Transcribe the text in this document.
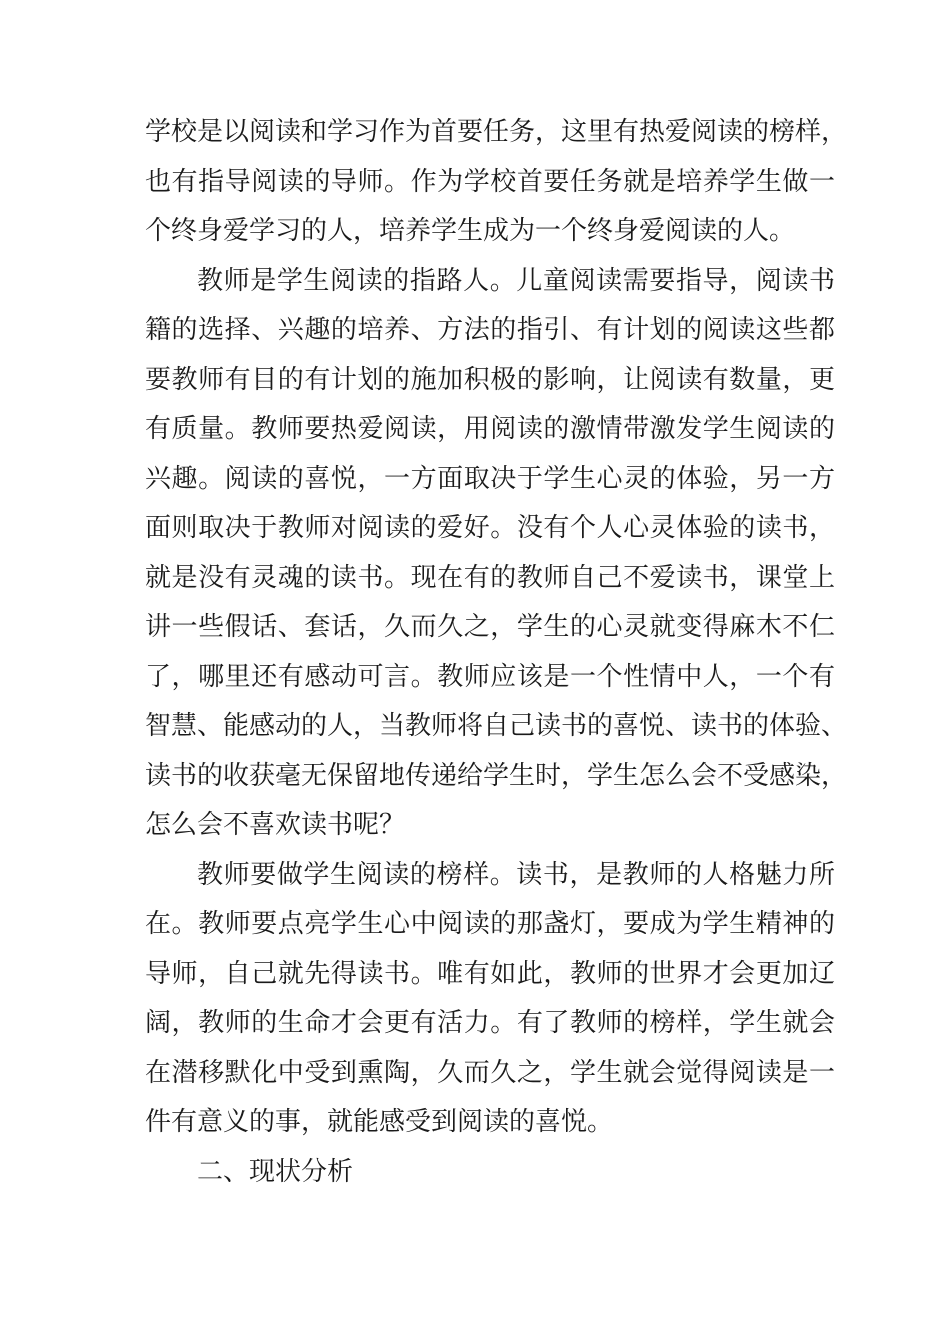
学校是以阅读和学习作为首要任务，这里有热爱阅读的榜样，
也有指导阅读的导师。作为学校首要任务就是培养学生做一
个终身爱学习的人，培养学生成为一个终身爱阅读的人。
教师是学生阅读的指路人。儿童阅读需要指导，阅读书
籍的选择、兴趣的培养、方法的指引、有计划的阅读这些都
要教师有目的有计划的施加积极的影响，让阅读有数量，更
有质量。教师要热爱阅读，用阅读的激情带激发学生阅读的
兴趣。阅读的喜悦，一方面取决于学生心灵的体验，另一方
面则取决于教师对阅读的爱好。没有个人心灵体验的读书，
就是没有灵魂的读书。现在有的教师自己不爱读书，课堂上
讲一些假话、套话，久而久之，学生的心灵就变得麻木不仁
了，哪里还有感动可言。教师应该是一个性情中人，一个有
智慧、能感动的人，当教师将自己读书的喜悦、读书的体验、
读书的收获毫无保留地传递给学生时，学生怎么会不受感染，
怎么会不喜欢读书呢？
教师要做学生阅读的榜样。读书，是教师的人格魅力所
在。教师要点亮学生心中阅读的那盏灯，要成为学生精神的
导师，自己就先得读书。唯有如此，教师的世界才会更加辽
阔，教师的生命才会更有活力。有了教师的榜样，学生就会
在潜移默化中受到熏陶，久而久之，学生就会觉得阅读是一
件有意义的事，就能感受到阅读的喜悦。
二、现状分析
